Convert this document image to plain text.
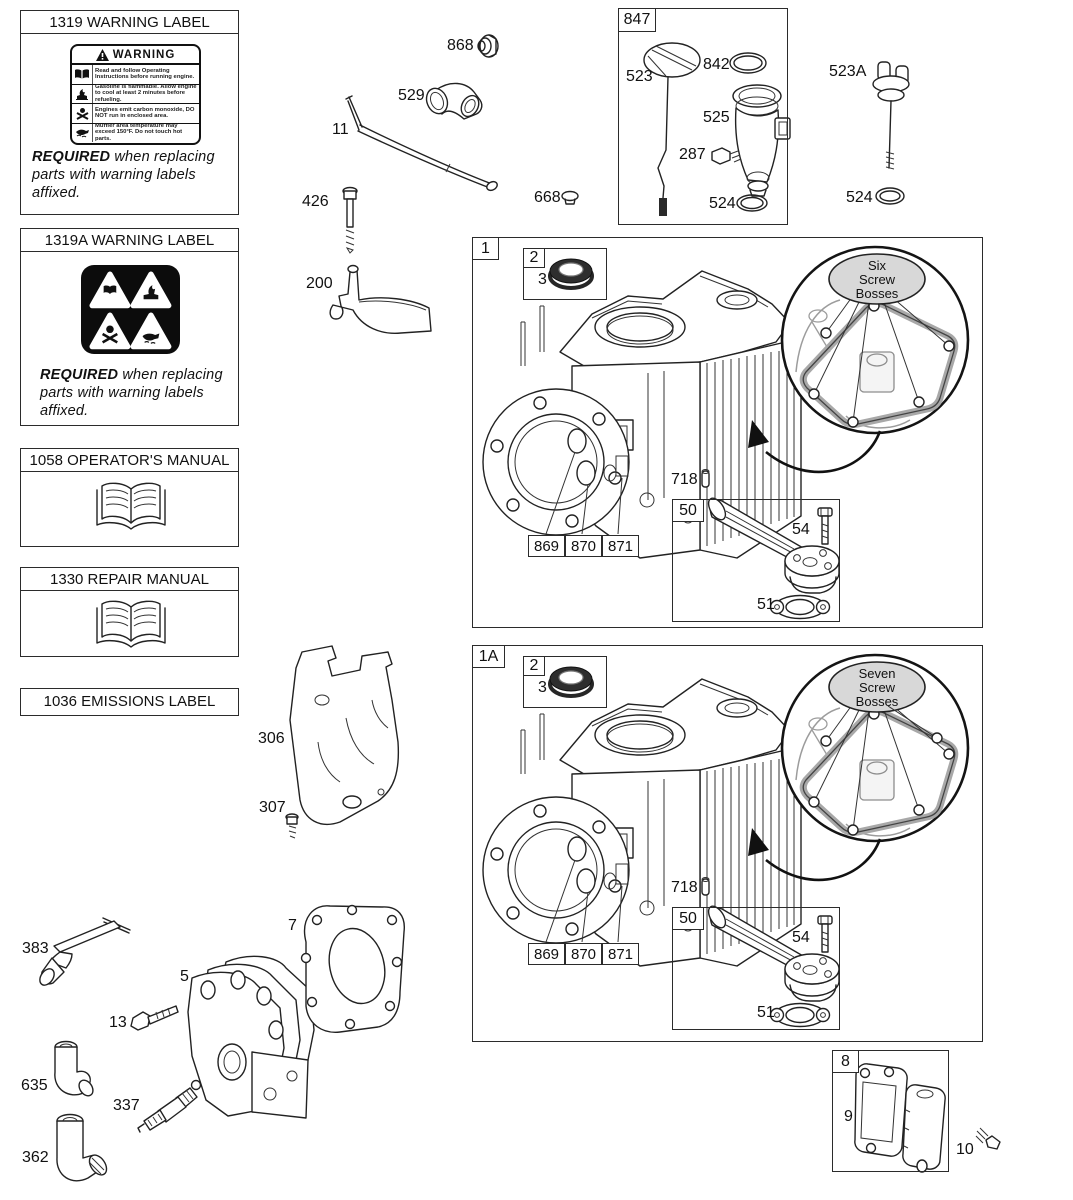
1319 WARNING LABEL
WARNING
Read and follow Operating Instructions before running engine.
Gasoline is flammable. Allow engine to cool at least 2 minutes before refueling.
Engines emit carbon monoxide, DO NOT run in enclosed area.
Muffler area temperature may exceed 150°F. Do not touch hot parts.
REQUIRED when replacing parts with warning labels affixed.
1319A WARNING LABEL
REQUIRED when replacing parts with warning labels affixed.
1058 OPERATOR'S MANUAL
1330 REPAIR MANUAL
1036 EMISSIONS LABEL
847
1
2
3
Six
Screw
Bosses
718
869 870 871
50
54
51
1A
2
3
Seven
Screw
Bosses
718
869 870 871
50
54
51
8
9
868
529
11
426	668
200
523
842
525
287
524
523A
524
306
307
383
5
13
7
635
337
362	10
